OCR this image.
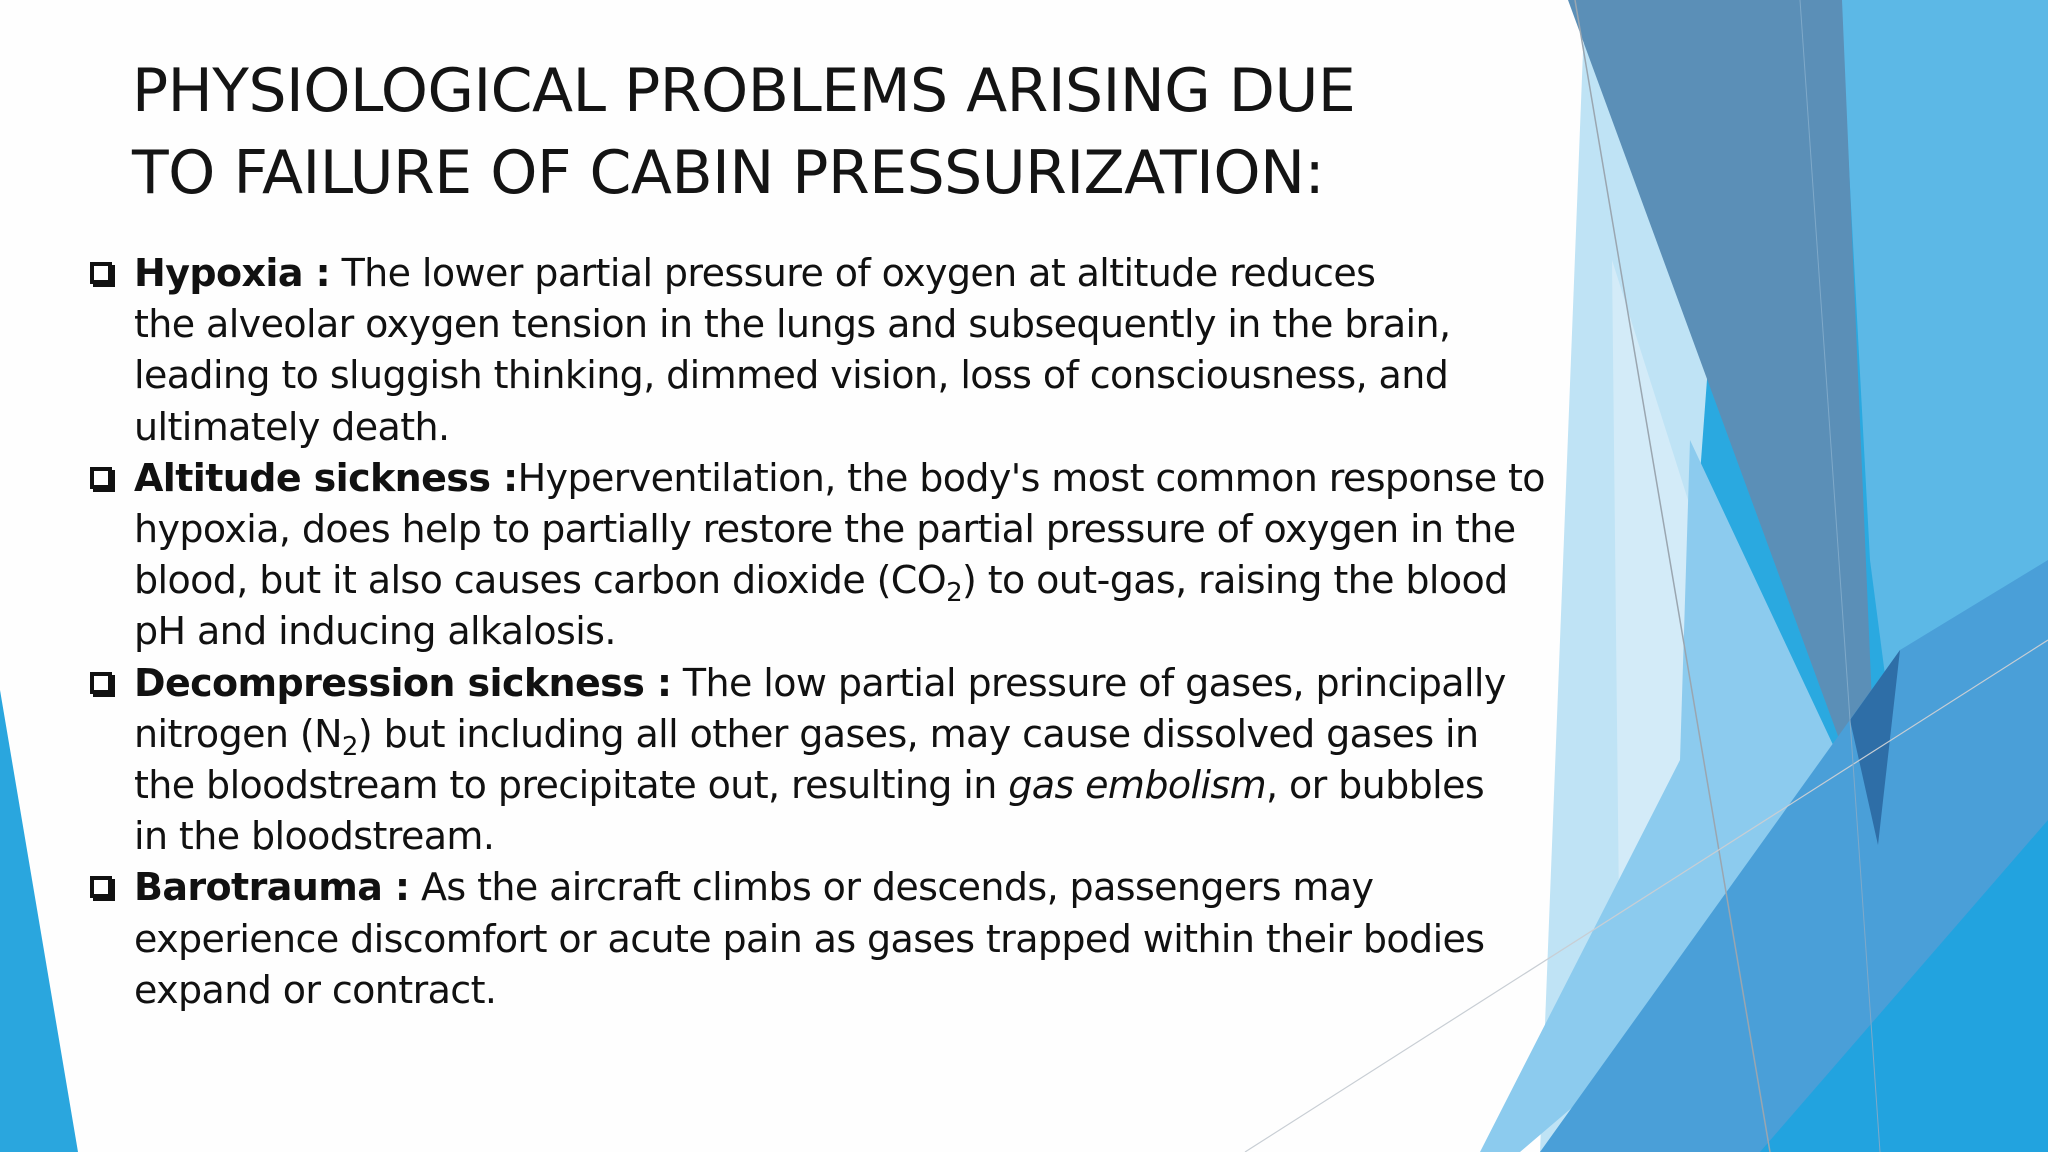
PHYSIOLOGICAL PROBLEMS ARISING DUE
TO FAILURE OF CABIN PRESSURIZATION:
Hypoxia : The lower partial pressure of oxygen at altitude reduces
the alveolar oxygen tension in the lungs and subsequently in the brain,
leading to sluggish thinking, dimmed vision, loss of consciousness, and
ultimately death.
Altitude sickness :Hyperventilation, the body's most common response to
hypoxia, does help to partially restore the partial pressure of oxygen in the
blood, but it also causes carbon dioxide $(CO_2)$ to out-gas, raising the blood
pH and inducing alkalosis.
Decompression sickness : The low partial pressure of gases, principally
nitrogen $(N_2)$ but including all other gases, may cause dissolved gases in
the bloodstream to precipitate out, resulting in gas embolism, or bubbles
in the bloodstream.
Barotrauma : As the aircraft climbs or descends, passengers may
experience discomfort or acute pain as gases trapped within their bodies
expand or contract.
